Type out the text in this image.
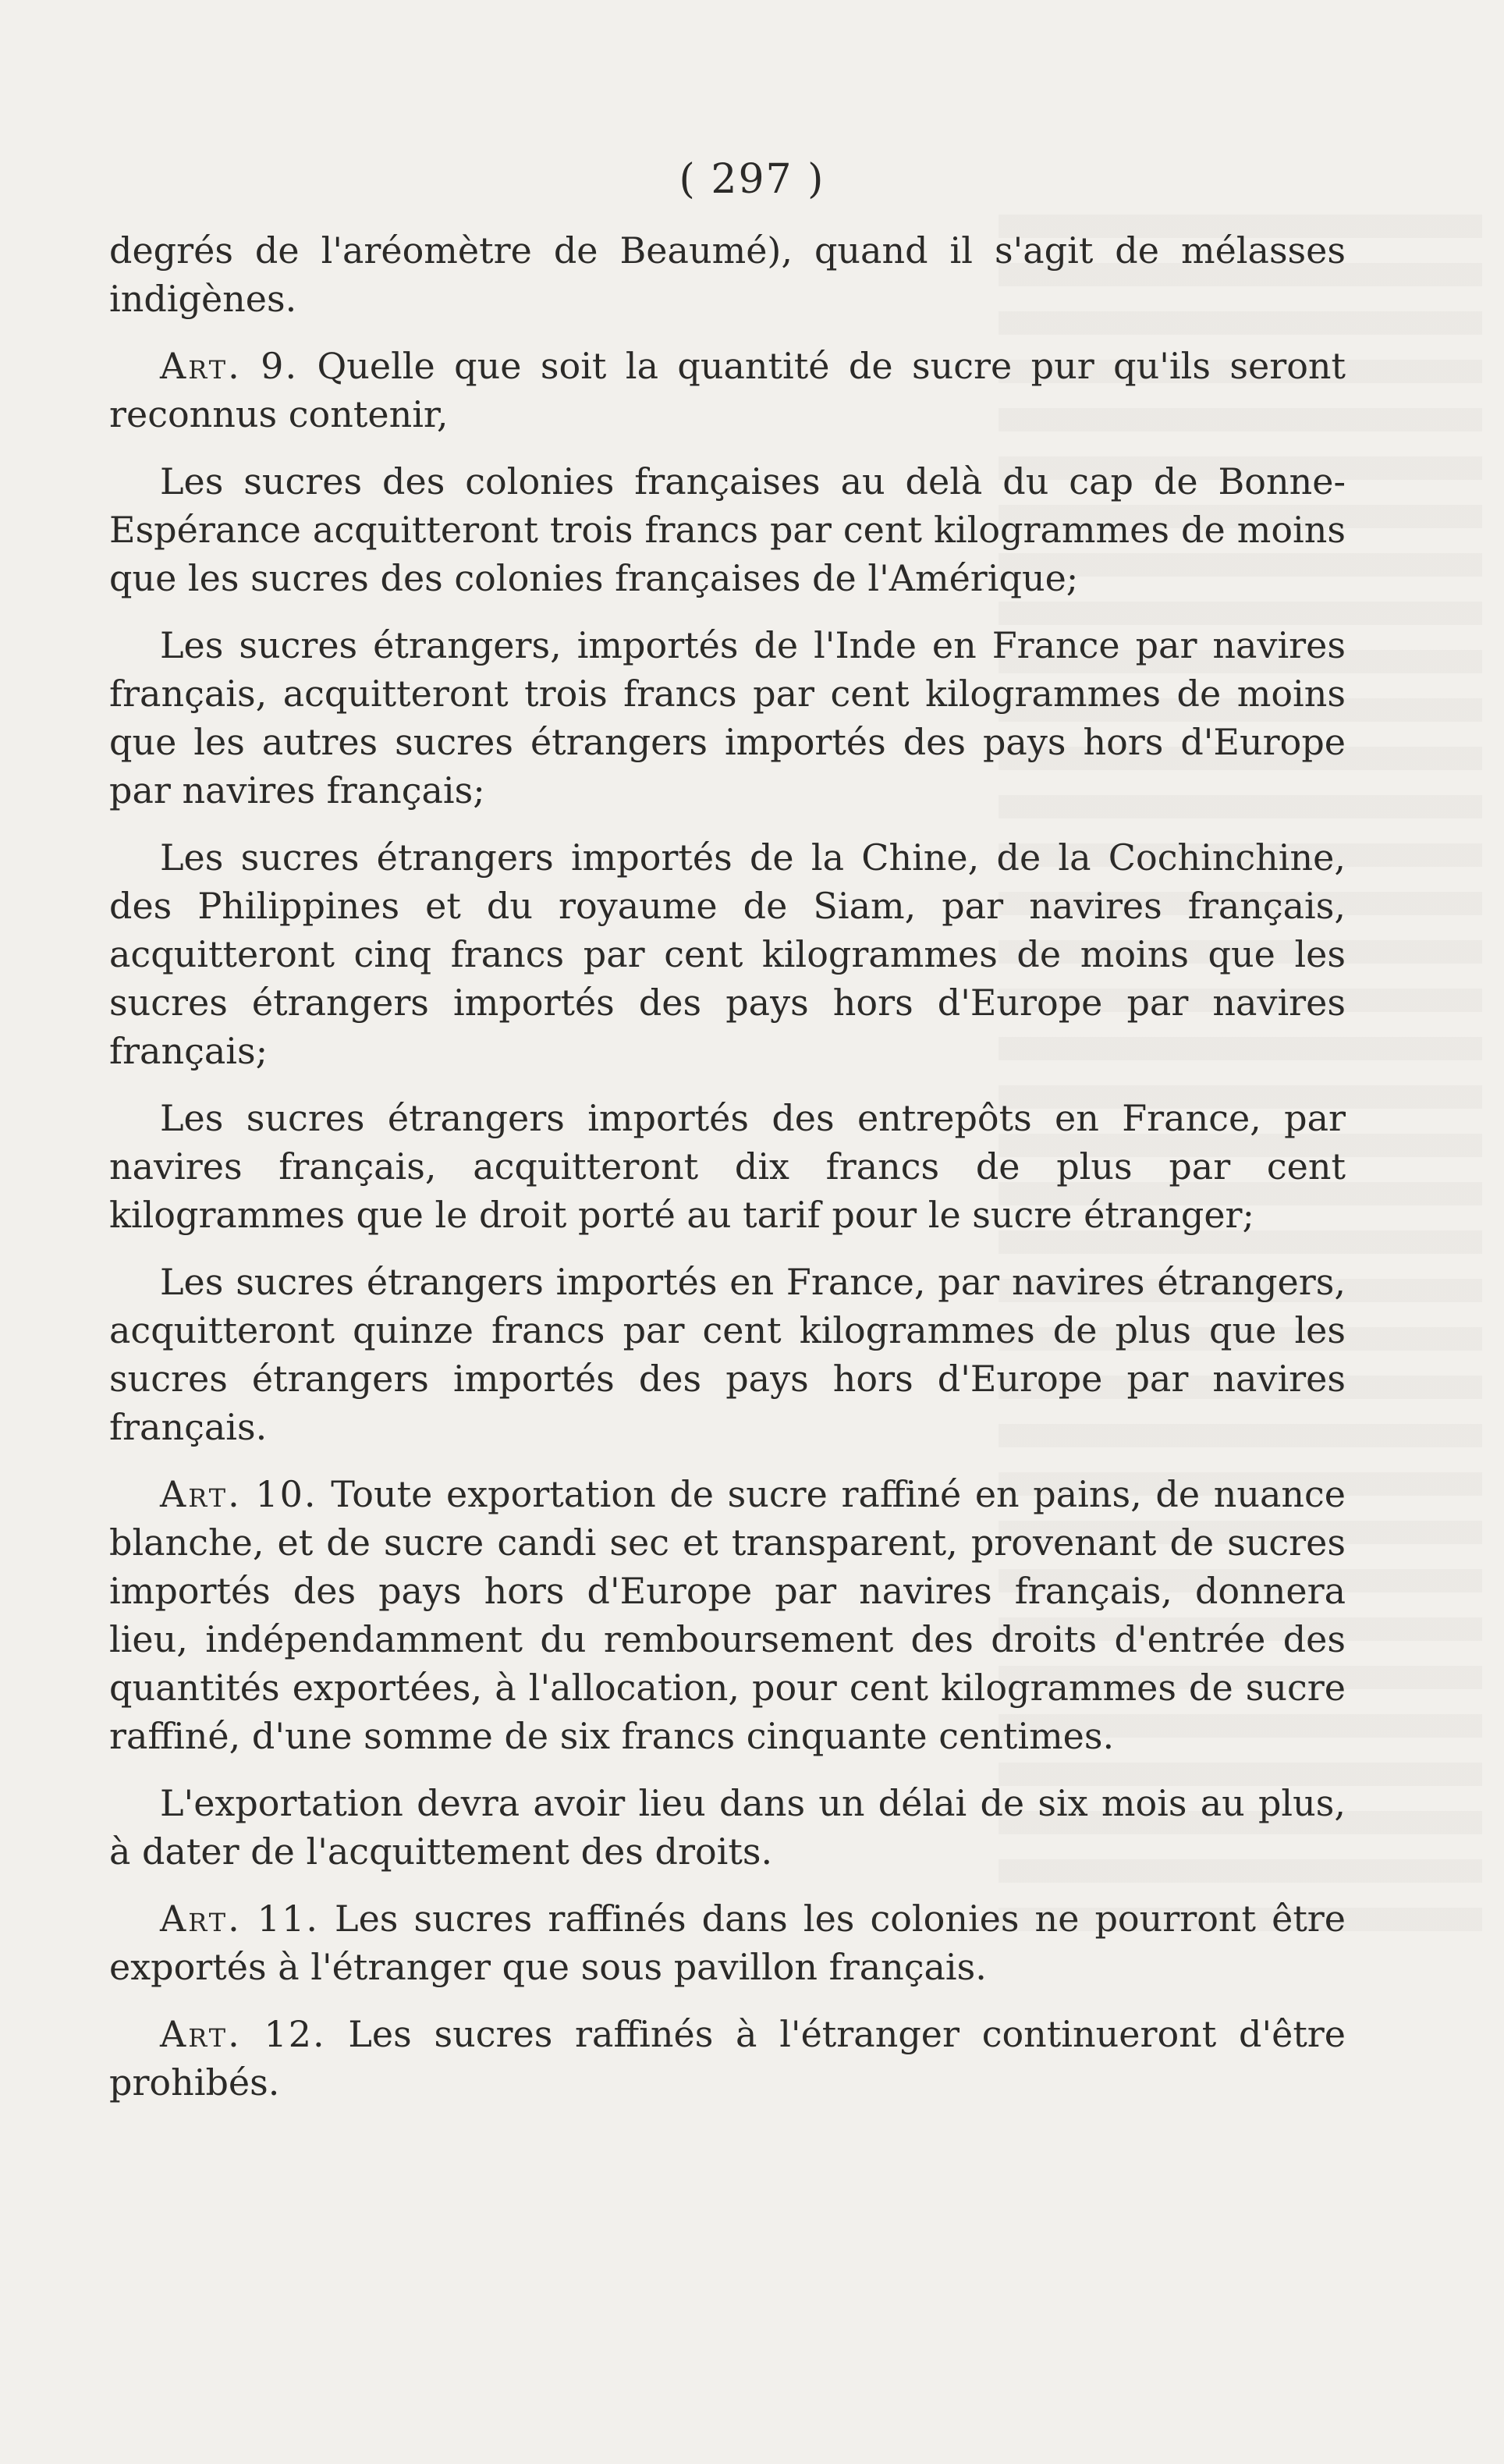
( 297 )

degrés de l'aréomètre de Beaumé), quand il s'agit de mélasses indigènes.

Art. 9. Quelle que soit la quantité de sucre pur qu'ils seront reconnus contenir,

Les sucres des colonies françaises au delà du cap de Bonne-Espérance acquitteront trois francs par cent kilogrammes de moins que les sucres des colonies françaises de l'Amérique;

Les sucres étrangers, importés de l'Inde en France par navires français, acquitteront trois francs par cent kilogrammes de moins que les autres sucres étrangers importés des pays hors d'Europe par navires français;

Les sucres étrangers importés de la Chine, de la Cochinchine, des Philippines et du royaume de Siam, par navires français, acquitteront cinq francs par cent kilogrammes de moins que les sucres étrangers importés des pays hors d'Europe par navires français;

Les sucres étrangers importés des entrepôts en France, par navires français, acquitteront dix francs de plus par cent kilogrammes que le droit porté au tarif pour le sucre étranger;

Les sucres étrangers importés en France, par navires étrangers, acquitteront quinze francs par cent kilogrammes de plus que les sucres étrangers importés des pays hors d'Europe par navires français.

Art. 10. Toute exportation de sucre raffiné en pains, de nuance blanche, et de sucre candi sec et transparent, provenant de sucres importés des pays hors d'Europe par navires français, donnera lieu, indépendamment du remboursement des droits d'entrée des quantités exportées, à l'allocation, pour cent kilogrammes de sucre raffiné, d'une somme de six francs cinquante centimes.

L'exportation devra avoir lieu dans un délai de six mois au plus, à dater de l'acquittement des droits.

Art. 11. Les sucres raffinés dans les colonies ne pourront être exportés à l'étranger que sous pavillon français.

Art. 12. Les sucres raffinés à l'étranger continueront d'être prohibés.
